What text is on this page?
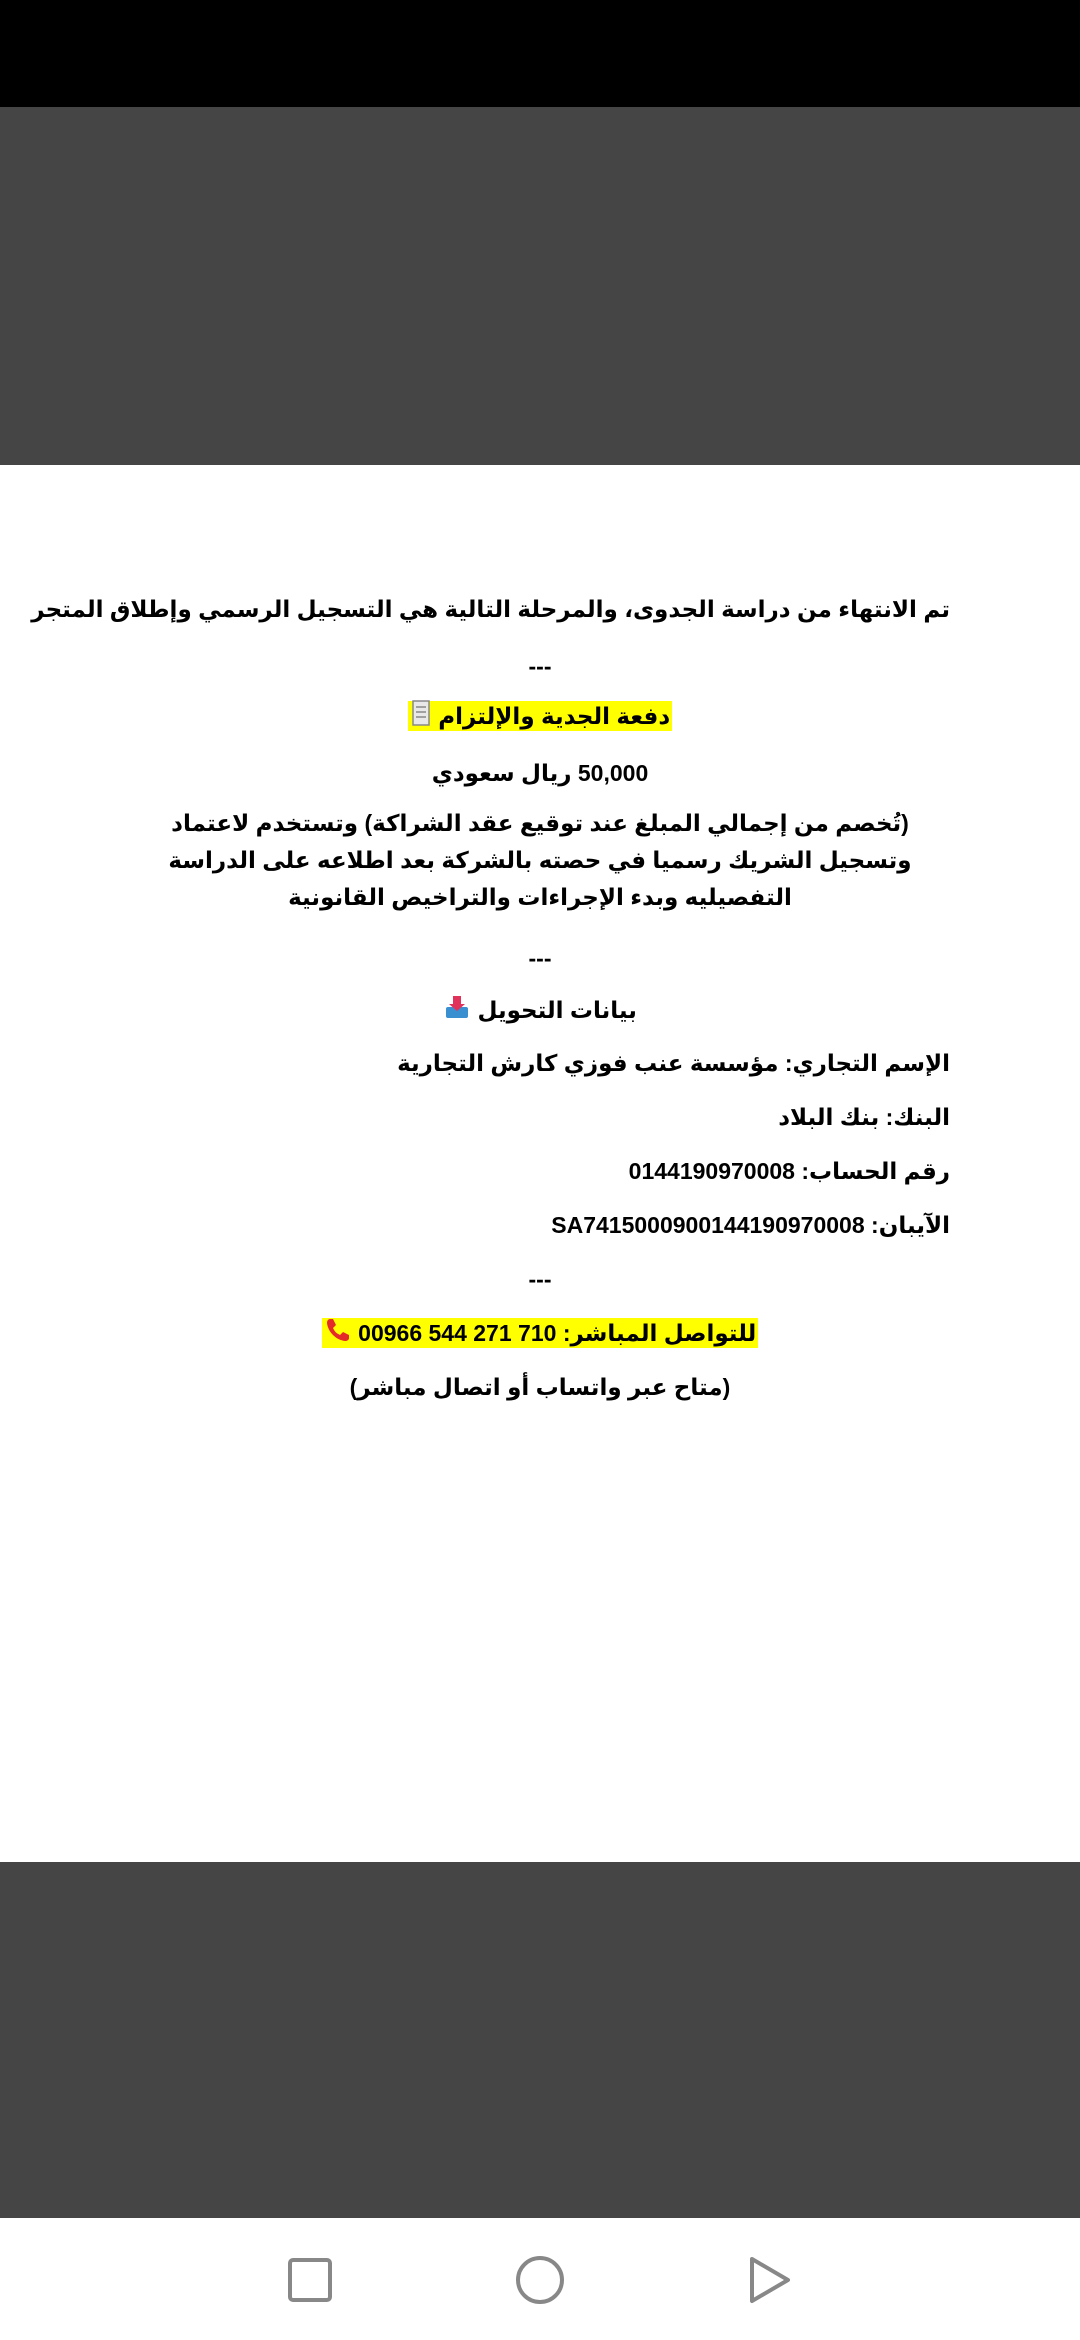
تم الانتهاء من دراسة الجدوى، والمرحلة التالية هي التسجيل الرسمي وإطلاق المتجر
---
دفعة الجدية والإلتزام
50,000 ريال سعودي
(تُخصم من إجمالي المبلغ عند توقيع عقد الشراكة) وتستخدم لاعتماد وتسجيل الشريك رسميا في حصته بالشركة بعد اطلاعه على الدراسة التفصيليه وبدء الإجراءات والتراخيص القانونية
---
بيانات التحويل
الإسم التجاري: مؤسسة عنب فوزي كارش التجارية
البنك: بنك البلاد
رقم الحساب: 0144190970008
الآيبان: SA7415000900144190970008
---
للتواصل المباشر: 00966 544 271 710
(متاح عبر واتساب أو اتصال مباشر)
